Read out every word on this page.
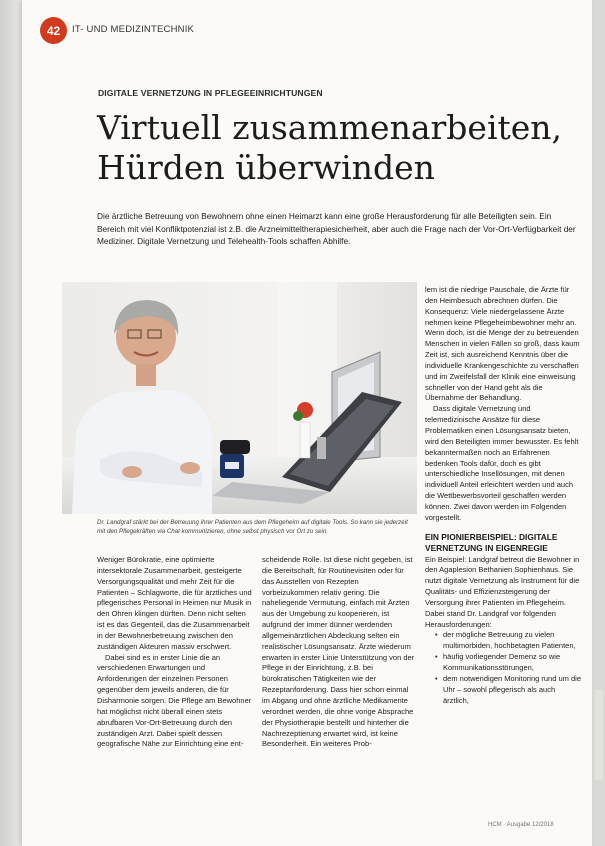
42	IT- UND MEDIZINTECHNIK
DIGITALE VERNETZUNG IN PFLEGEEINRICHTUNGEN
Virtuell zusammenarbeiten,
Hürden überwinden
Die ärztliche Betreuung von Bewohnern ohne einen Heimarzt kann eine große Herausforderung für alle Beteiligten sein. Ein Bereich mit viel Konfliktpotenzial ist z.B. die Arzneimitteltherapiesicherheit, aber auch die Frage nach der Vor-Ort-Verfügbarkeit der Mediziner. Digitale Vernetzung und Telehealth-Tools schaffen Abhilfe.
Dr. Landgraf stärkt bei der Betreuung ihrer Patienten aus dem Pflegeheim auf digitale Tools. So kann sie jederzeit mit den Pflegekräften via Chat kommunizieren, ohne selbst physisch vor Ort zu sein.

Weniger Bürokratie, eine optimierte intersektorale Zusammenarbeit, gesteigerte Versorgungsqualität und mehr Zeit für die Patienten – Schlagworte, die für ärztliches und pflegerisches Personal in Heimen nur Musik in den Ohren klingen dürften. Denn nicht selten ist es das Gegenteil, das die Zusammenarbeit in der Bewohnerbetreuung zwischen den zuständigen Akteuren massiv erschwert.

Dabei sind es in erster Linie die an verschiedenen Erwartungen und Anforderungen der einzelnen Personen gegenüber dem jeweils anderen, die für Disharmonie sorgen. Die Pflege am Bewohner hat möglichst nicht überall einen stets abrufbaren Vor-Ort-Betreuung durch den zuständigen Arzt. Dabei spielt dessen geografische Nähe zur Einrichtung eine ent-

scheidende Rolle. Ist diese nicht gegeben, ist die Bereitschaft, für Routinevisiten oder für das Ausstellen von Rezepten vorbeizukommen relativ gering. Die naheliegende Vermutung, einfach mit Ärzten aus der Umgebung zu kooperieren, ist aufgrund der immer dünner werdenden allgemeinärztlichen Abdeckung selten ein realistischer Lösungsansatz. Ärzte wiederum erwarten in erster Linie Unterstützung von der Pflege in der Einrichtung, z.B. bei bürokratischen Tätigkeiten wie der Rezeptanforderung. Dass hier schon einmal im Abgang und ohne ärztliche Medikamente verordnet werden, die ohne vorige Absprache der Physiotherapie bestellt und hinterher die Nachrezeptierung erwartet wird, ist keine Besonderheit. Ein weiteres Prob-

lem ist die niedrige Pauschale, die Ärzte für den Heimbesuch abrechnen dürfen. Die Konsequenz: Viele niedergelassene Ärzte nehmen keine Pflegeheimbewohner mehr an. Wenn doch, ist die Menge der zu betreuenden Menschen in vielen Fällen so groß, dass kaum Zeit ist, sich ausreichend Kenntnis über die individuelle Krankengeschichte zu verschaffen und im Zweifelsfall der Klinik eine einweisung schneller von der Hand geht als die Übernahme der Behandlung.

Dass digitale Vernetzung und telemedizinische Ansätze für diese Problematiken einen Lösungsansatz bieten, wird den Beteiligten immer bewusster. Es fehlt bekanntermaßen noch an Erfahrenen bedenken Tools dafür, doch es gibt unterschiedliche Insellösungen, mit denen individuell Anteil erleichtert werden und auch die Wettbewerbsvorteil geschaffen werden können. Zwei davon werden im Folgenden vorgestellt.

EIN PIONIERBEISPIEL: DIGITALE VERNETZUNG IN EIGENREGIE

Ein Beispiel: Landgraf betreut die Bewohner in den Agaplesion Bethanien Sophienhaus. Sie nutzt digitale Vernetzung als Instrument für die Qualitäts- und Effizienzsteigerung der Versorgung ihrer Patienten im Pflegeheim. Dabei stand Dr. Landgraf vor folgenden Herausforderungen:

• der mögliche Betreuung zu vielen multimorbiden, hochbetagten Patienten,
• häufig vorliegender Demenz so wie Kommunikationsstörungen,
• dem notwendigen Monitoring rund um die Uhr – sowohl pflegerisch als auch ärztlich,
HCM · Ausgabe 12/2018
